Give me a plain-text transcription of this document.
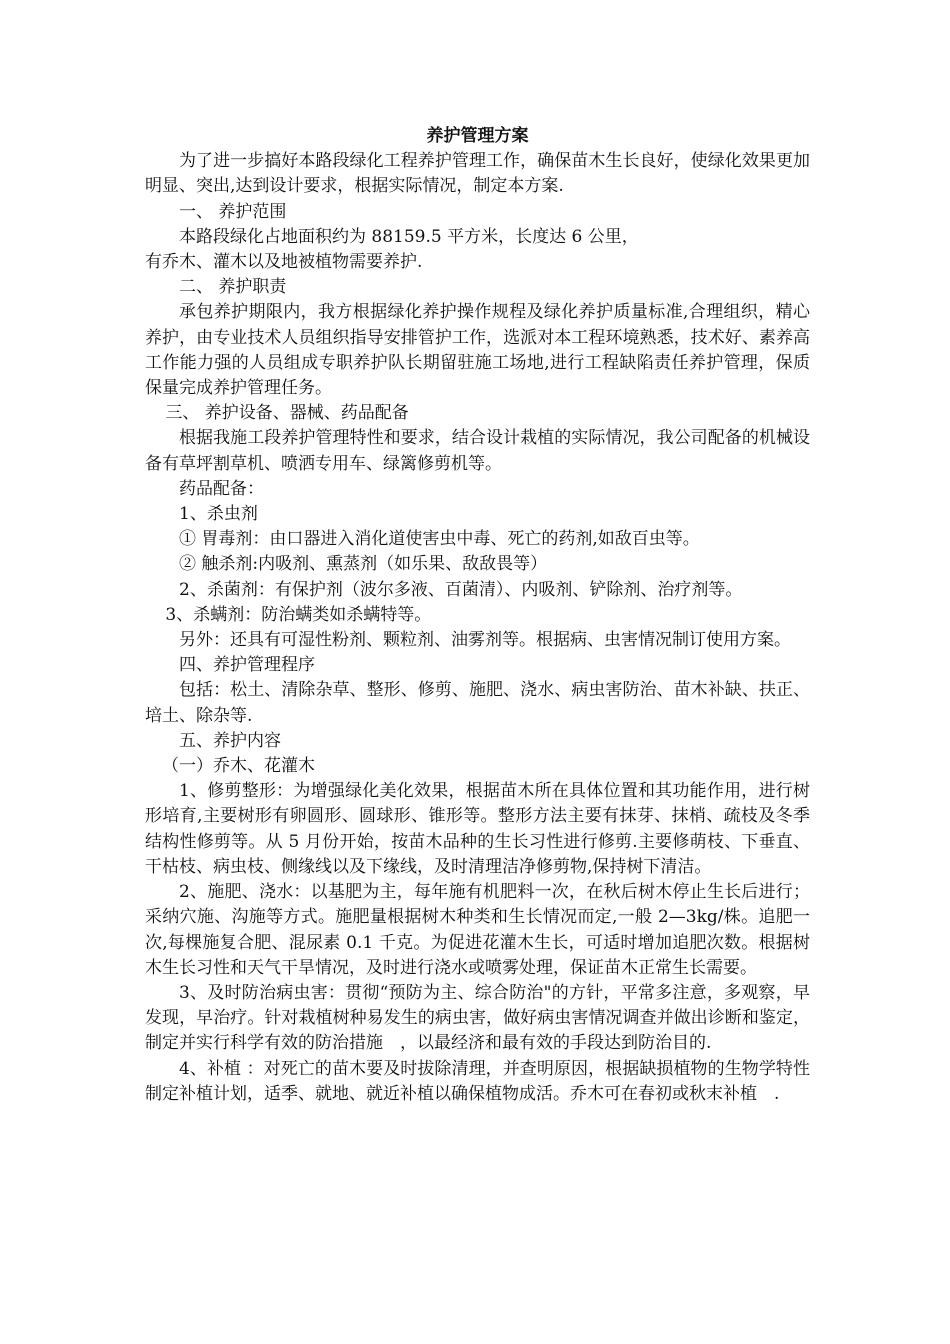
养护管理方案

为了进一步搞好本路段绿化工程养护管理工作，确保苗木生长良好，使绿化效果更加明显、突出,达到设计要求，根据实际情况，制定本方案.

一、 养护范围

本路段绿化占地面积约为 88159.5 平方米，长度达 6 公里，

有乔木、灌木以及地被植物需要养护.

二、 养护职责

承包养护期限内，我方根据绿化养护操作规程及绿化养护质量标准,合理组织，精心养护，由专业技术人员组织指导安排管护工作，选派对本工程环境熟悉，技术好、素养高工作能力强的人员组成专职养护队长期留驻施工场地,进行工程缺陷责任养护管理，保质保量完成养护管理任务。

三、 养护设备、器械、药品配备

根据我施工段养护管理特性和要求，结合设计栽植的实际情况，我公司配备的机械设备有草坪割草机、喷洒专用车、绿篱修剪机等。

药品配备：

1、杀虫剂

① 胃毒剂：由口器进入消化道使害虫中毒、死亡的药剂,如敌百虫等。

② 触杀剂:内吸剂、熏蒸剂（如乐果、敌敌畏等）

2、杀菌剂：有保护剂（波尔多液、百菌清）、内吸剂、铲除剂、治疗剂等。

3、杀螨剂：防治螨类如杀螨特等。

另外：还具有可湿性粉剂、颗粒剂、油雾剂等。根据病、虫害情况制订使用方案。

四、养护管理程序

包括：松土、清除杂草、整形、修剪、施肥、浇水、病虫害防治、苗木补缺、扶正、培土、除杂等.

五、养护内容

（一）乔木、花灌木

1、修剪整形：为增强绿化美化效果，根据苗木所在具体位置和其功能作用，进行树形培育,主要树形有卵圆形、圆球形、锥形等。整形方法主要有抹芽、抹梢、疏枝及冬季结构性修剪等。从 5 月份开始，按苗木品种的生长习性进行修剪.主要修萌枝、下垂直、干枯枝、病虫枝、侧缘线以及下缘线，及时清理洁净修剪物,保持树下清洁。

2、施肥、浇水：以基肥为主，每年施有机肥料一次，在秋后树木停止生长后进行；采纳穴施、沟施等方式。施肥量根据树木种类和生长情况而定,一般 2—3kg/株。追肥一次,每棵施复合肥、混尿素 0.1 千克。为促进花灌木生长，可适时增加追肥次数。根据树木生长习性和天气干旱情况，及时进行浇水或喷雾处理，保证苗木正常生长需要。

3、及时防治病虫害：贯彻“预防为主、综合防治"的方针，平常多注意，多观察，早发现，早治疗。针对栽植树种易发生的病虫害，做好病虫害情况调查并做出诊断和鉴定，制定并实行科学有效的防治措施　，以最经济和最有效的手段达到防治目的.

4、补植 ：对死亡的苗木要及时拔除清理，并查明原因，根据缺损植物的生物学特性制定补植计划，适季、就地、就近补植以确保植物成活。乔木可在春初或秋末补植　.
